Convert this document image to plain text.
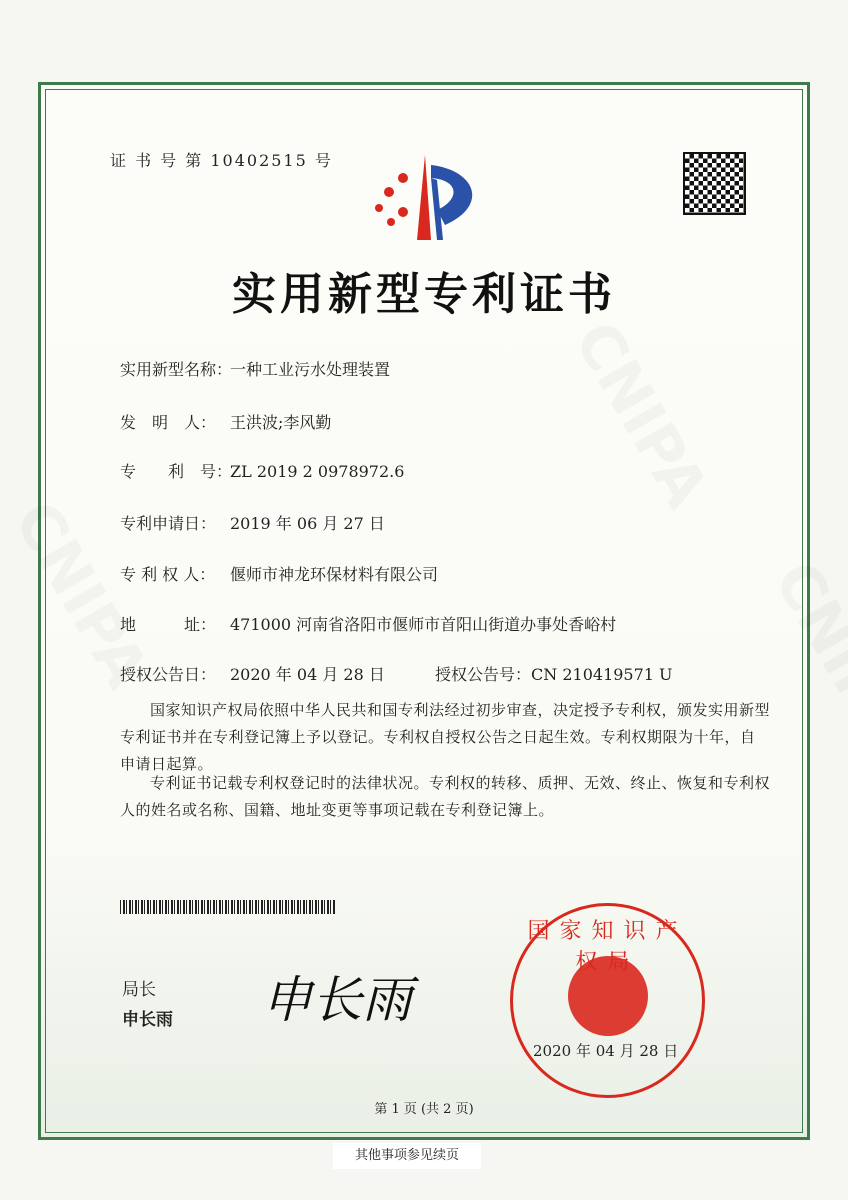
证 书 号 第 10402515 号
实用新型专利证书
实用新型名称：一种工业污水处理装置
发　明　人： 王洪波;李风勤
专　　利　号：ZL 2019 2 0978972.6
专利申请日： 2019 年 06 月 27 日
专 利 权 人： 偃师市神龙环保材料有限公司
地　　　址： 471000 河南省洛阳市偃师市首阳山街道办事处香峪村
授权公告日： 2020 年 04 月 28 日	授权公告号：CN 210419571 U
国家知识产权局依照中华人民共和国专利法经过初步审查，决定授予专利权，颁发实用新型专利证书并在专利登记簿上予以登记。专利权自授权公告之日起生效。专利权期限为十年，自申请日起算。
专利证书记载专利权登记时的法律状况。专利权的转移、质押、无效、终止、恢复和专利权人的姓名或名称、国籍、地址变更等事项记载在专利登记簿上。
局长
申长雨 申长雨
国家知识产权局
2020 年 04 月 28 日
第 1 页 (共 2 页)
其他事项参见续页
